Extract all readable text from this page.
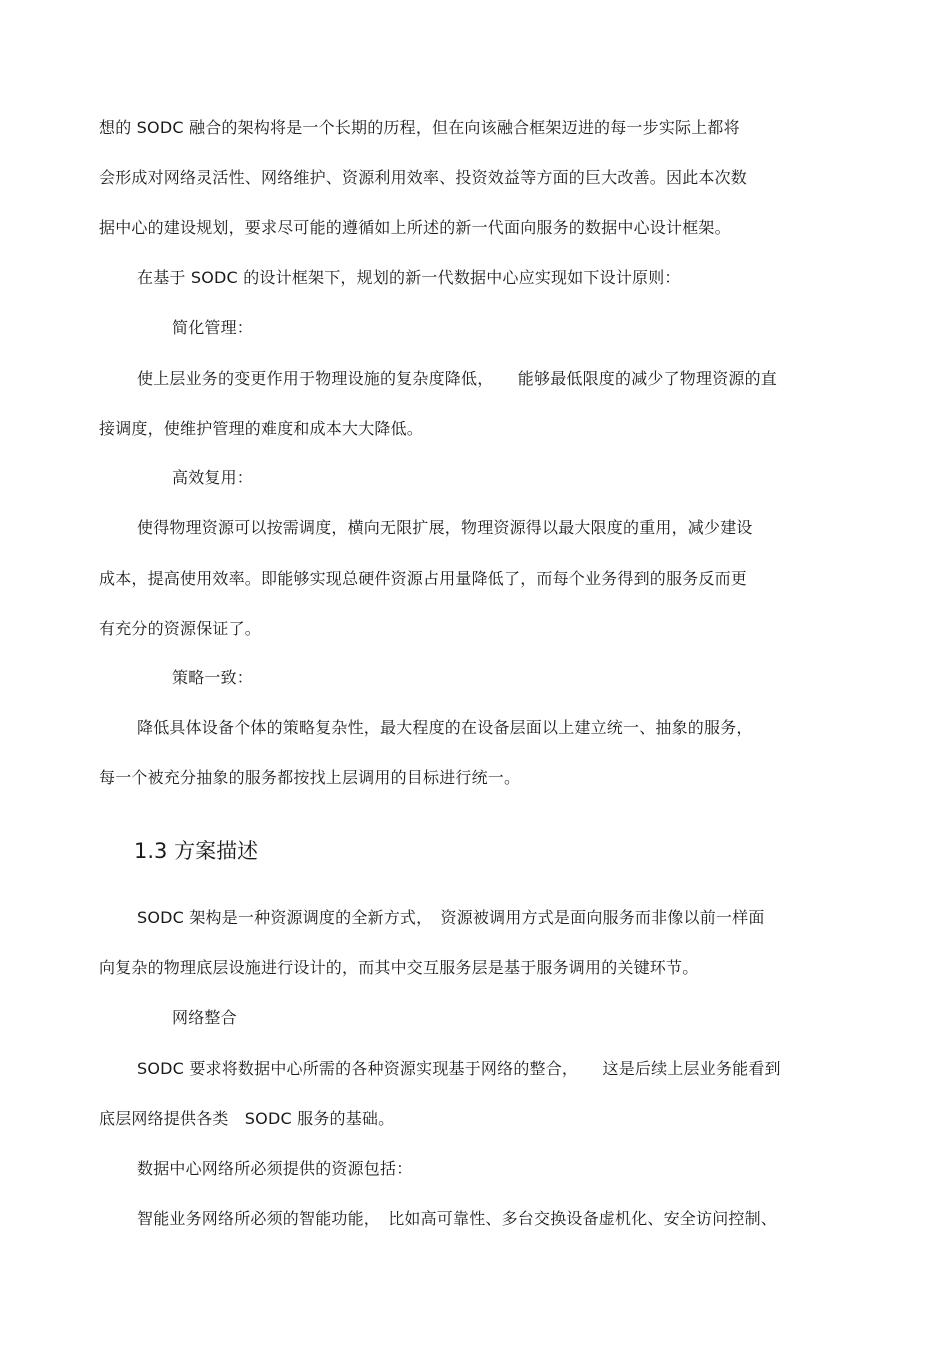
想的 SODC 融合的架构将是一个长期的历程，但在向该融合框架迈进的每一步实际上都将

会形成对网络灵活性、网络维护、资源利用效率、投资效益等方面的巨大改善。因此本次数

据中心的建设规划，要求尽可能的遵循如上所述的新一代面向服务的数据中心设计框架。

在基于 SODC 的设计框架下，规划的新一代数据中心应实现如下设计原则：

简化管理：

使上层业务的变更作用于物理设施的复杂度降低，　　能够最低限度的减少了物理资源的直

接调度，使维护管理的难度和成本大大降低。

高效复用：

使得物理资源可以按需调度，横向无限扩展，物理资源得以最大限度的重用，减少建设

成本，提高使用效率。即能够实现总硬件资源占用量降低了，而每个业务得到的服务反而更

有充分的资源保证了。

策略一致：

降低具体设备个体的策略复杂性，最大程度的在设备层面以上建立统一、抽象的服务，

每一个被充分抽象的服务都按找上层调用的目标进行统一。

1.3 方案描述

SODC 架构是一种资源调度的全新方式，　资源被调用方式是面向服务而非像以前一样面

向复杂的物理底层设施进行设计的，而其中交互服务层是基于服务调用的关键环节。

网络整合

SODC 要求将数据中心所需的各种资源实现基于网络的整合，　　这是后续上层业务能看到

底层网络提供各类　SODC 服务的基础。

数据中心网络所必须提供的资源包括：

智能业务网络所必须的智能功能，　比如高可靠性、多台交换设备虚机化、安全访问控制、
